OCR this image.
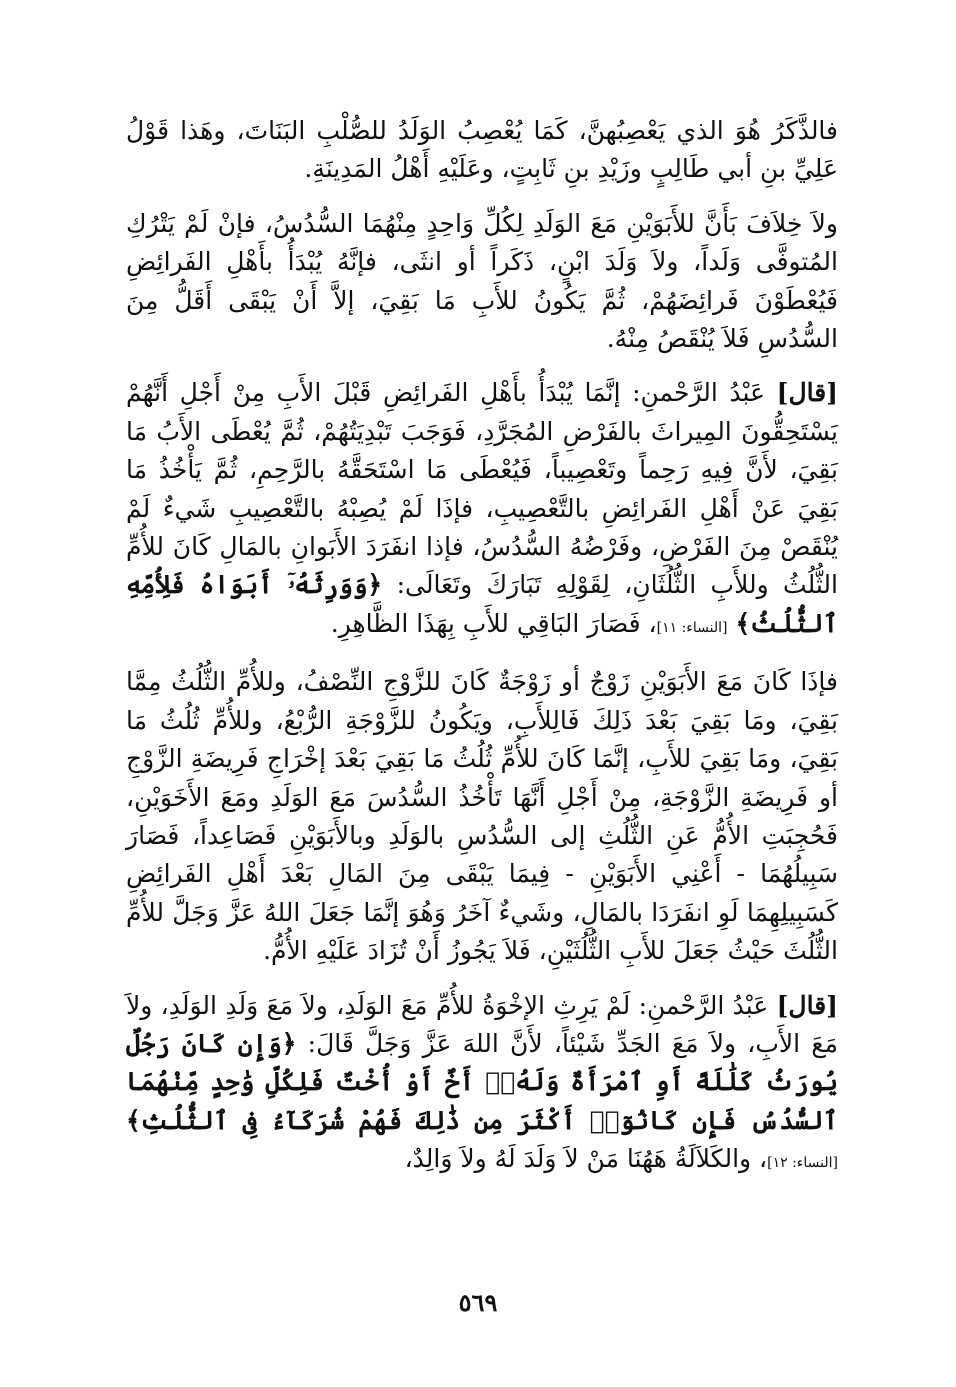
فالذَّكَرُ هُوَ الذي يَعْصِبُهنَّ، كَمَا يُعْصِبُ الوَلَدُ للصُّلْبِ البَنَاتَ، وهَذا قَوْلُ عَلِيِّ بنِ أبي طَالِبٍ وزَيْدِ بنِ ثَابِتٍ، وعَلَيْهِ أَهْلُ المَدِينَةِ.

ولاَ خِلاَفَ بَأَنَّ للأَبَوَيْنِ مَعَ الوَلَدِ لِكُلِّ وَاحِدٍ مِنْهُمَا السُّدُسُ، فإنْ لَمْ يَتْرُكِ المُتوفَّى وَلَداً، ولاَ وَلَدَ ابْنٍ، ذَكَراً أو انثَى، فإنَّهُ يُبْدَأُ بأَهْلِ الفَرائِضِ فَيُعْطَوْنَ فَرائِضَهُمْ، ثُمَّ يَكُونُ للأَبِ مَا بَقِيَ، إلاَّ أَنْ يَبْقَى أَقَلُّ مِنَ السُّدُسِ فَلاَ يُنْقَصُ مِنْهُ.

[قال] عَبْدُ الرَّحْمنِ: إنَّمَا يُبْدَأُ بأَهْلِ الفَرائِضِ قَبْلَ الأَبِ مِنْ أَجْلِ أَنَّهُمْ يَسْتَحِقُّونَ المِيراثَ بالفَرْضِ المُجَرَّدِ، فَوَجَبَ تَبْدِيَتُهُمْ، ثُمَّ يُعْطَى الأَبُ مَا بَقِيَ، لأَنَّ فِيهِ رَحِماً وتَعْصِيباً، فَيُعْطَى مَا اسْتَحَقَّهُ بالرَّحِمِ، ثُمَّ يَأْخُذُ مَا بَقِيَ عَنْ أَهْلِ الفَرائِضِ بالتَّعْصِيبِ، فإذَا لَمْ يُصِبْهُ بالتَّعْصِيبِ شَيءٌ لَمْ يُنْقَصْ مِنَ الفَرْضِ، وفَرْضُهُ السُّدُسُ، فإذا انفَرَدَ الأَبَوانِ بالمَالِ كَانَ للأُمِّ الثُّلُثُ وللأَبِ الثُّلُثَانِ، لِقَوْلِهِ تَبَارَكَ وتَعَالَى: ﴿وَوَرِثَهُۥٓ أَبَوَاهُ فَلِأُمِّهِ ٱلثُّلُثُ﴾ [النساء: ١١]، فَصَارَ البَاقِي للأَبِ بِهَذَا الظَّاهِرِ.

فإذَا كَانَ مَعَ الأَبَوَيْنِ زَوْجٌ أو زَوْجَةٌ كَانَ للزَّوْجِ النِّصْفُ، وللأُمِّ الثُّلُثُ مِمَّا بَقِيَ، ومَا بَقِيَ بَعْدَ ذَلِكَ فَالِلأَبِ، ويَكُونُ للزَّوْجَةِ الرُّبْعُ، وللأُمِّ ثُلُثُ مَا بَقِيَ، ومَا بَقِيَ للأَبِ، إنَّمَا كَانَ للأُمِّ ثُلُثُ مَا بَقِيَ بَعْدَ إخْرَاجِ فَرِيضَةِ الزَّوْجِ أو فَرِيضَةِ الزَّوْجَةِ، مِنْ أَجْلِ أَنَّهَا تَأْخُذُ السُّدُسَ مَعَ الوَلَدِ ومَعَ الأَخَوَيْنِ، فَحُجِبَتِ الأُمُّ عَنِ الثُّلُثِ إلى السُّدُسِ بالوَلَدِ وبالأَبَوَيْنِ فَصَاعِداً، فَصَارَ سَبِيلُهُمَا - أَعْنِي الأَبَوَيْنِ - فِيمَا يَبْقَى مِنَ المَالِ بَعْدَ أَهْلِ الفَرائِضِ كَسَبِيلِهِمَا لَوِ انفَرَدَا بالمَالِ، وشَيءٌ آخَرُ وَهُوَ إنَّمَا جَعَلَ اللهُ عَزَّ وَجَلَّ للأُمِّ الثُّلُثَ حَيْثُ جَعَلَ للأَبِ الثُّلُثَيْنِ، فَلاَ يَجُوزُ أَنْ تُزَادَ عَلَيْهِ الأُمُّ.

[قال] عَبْدُ الرَّحْمنِ: لَمْ يَرِثِ الإخْوَةُ للأُمِّ مَعَ الوَلَدِ، ولاَ مَعَ وَلَدِ الوَلَدِ، ولاَ مَعَ الأَبِ، ولاَ مَعَ الجَدِّ شَيْئاً، لأَنَّ اللهَ عَزَّ وَجَلَّ قَالَ: ﴿وَإِن كَانَ رَجُلٌ يُورَثُ كَلَٰلَةً أَوِ ٱمْرَأَةٌ وَلَهُۥٓ أَخٌ أَوْ أُخْتٌ فَلِكُلِّ وَٰحِدٍ مِّنْهُمَا ٱلسُّدُسُ فَإِن كَانُوٓا۟ أَكْثَرَ مِن ذَٰلِكَ فَهُمْ شُرَكَآءُ فِى ٱلثُّلُثِ﴾ [النساء: ١٢]، والكَلاَلَةُ هَهُنَا مَنْ لاَ وَلَدَ لَهُ ولاَ وَالِدٌ،

٥٦٩
